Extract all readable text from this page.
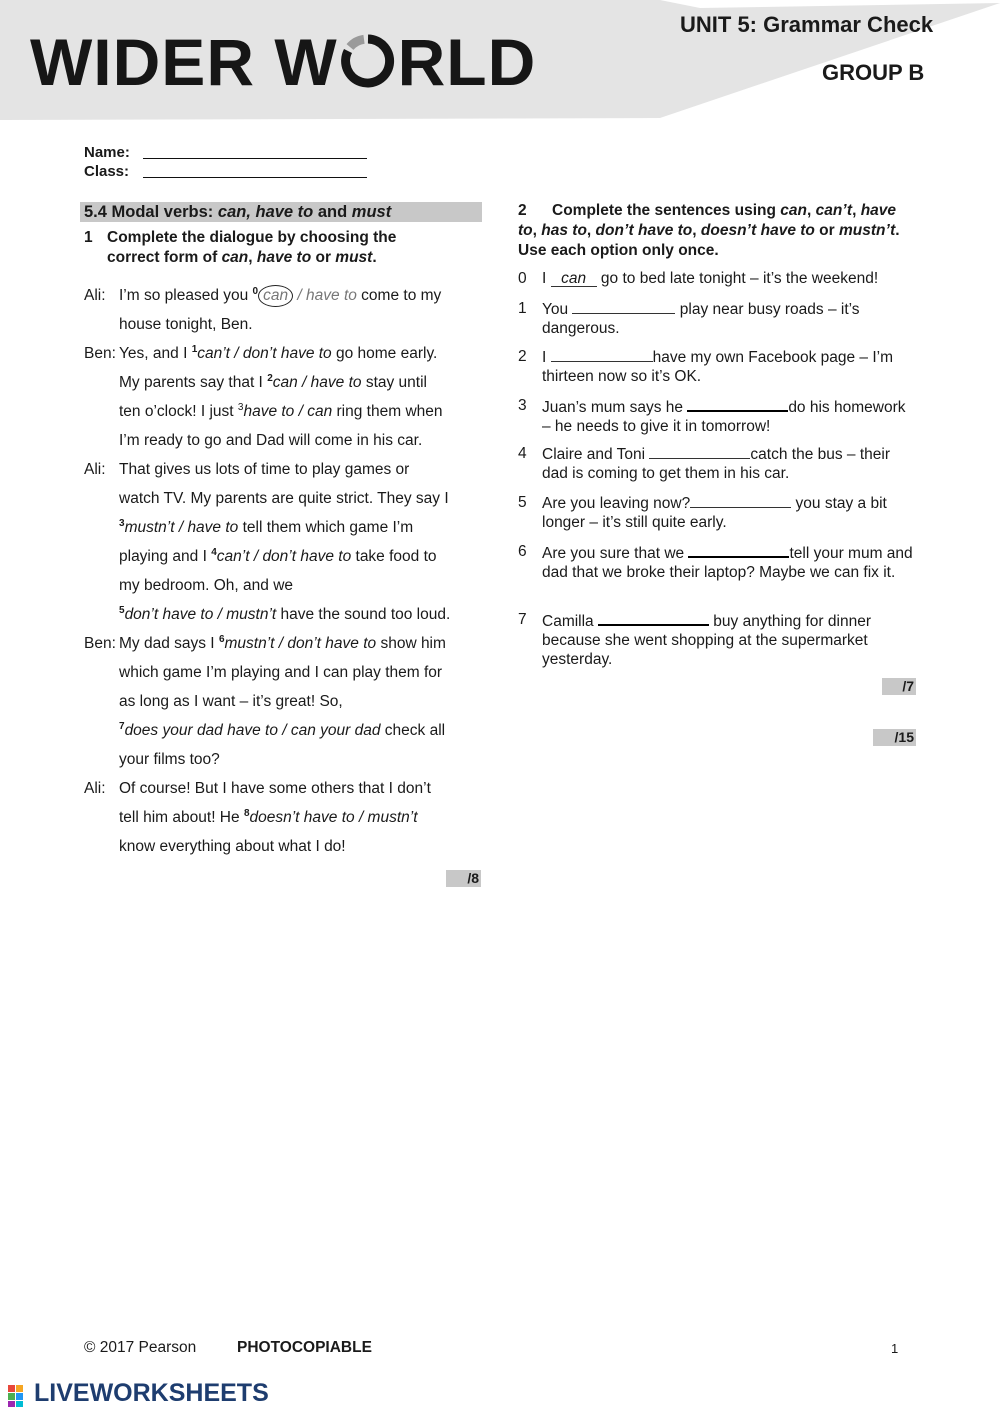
WIDER W RLD
UNIT 5: Grammar Check
GROUP B
Name:
Class:
5.4 Modal verbs: can, have to and must
1 Complete the dialogue by choosing the correct form of can, have to or must.
Ali: I’m so pleased you $^0$ can / have to come to my
house tonight, Ben.
Ben: Yes, and I $^1$can’t / don’t have to go home early.
My parents say that I $^2$can / have to stay until
ten o’clock! I just $^3$have to / can ring them when
I’m ready to go and Dad will come in his car.
Ali: That gives us lots of time to play games or
watch TV. My parents are quite strict. They say I
$^3$mustn’t / have to tell them which game I’m
playing and I $^4$can’t / don’t have to take food to
my bedroom. Oh, and we
$^5$don’t have to / mustn’t have the sound too loud.
Ben: My dad says I $^6$mustn’t / don’t have to show him
which game I’m playing and I can play them for
as long as I want – it’s great! So,
$^7$does your dad have to / can your dad check all
your films too?
Ali: Of course! But I have some others that I don’t
tell him about! He $^8$doesn’t have to / mustn’t
know everything about what I do!
/8
2	Complete the sentences using can, can’t, have to, has to, don’t have to, doesn’t have to or mustn’t. Use each option only once.
0 I can go to bed late tonight – it’s the weekend!
1 You	play near busy roads – it’s dangerous.
2 I	have my own Facebook page – I’m thirteen now so it’s OK.
3 Juan’s mum says he	do his homework – he needs to give it in tomorrow!
4 Claire and Toni	catch the bus – their dad is coming to get them in his car.
5 Are you leaving now?	you stay a bit longer – it’s still quite early.
6 Are you sure that we	tell your mum and dad that we broke their laptop? Maybe we can fix it.
7 Camilla	buy anything for dinner because she went shopping at the supermarket yesterday.
/7
/15
© 2017 Pearson	PHOTOCOPIABLE	1
LIVEWORKSHEETS
